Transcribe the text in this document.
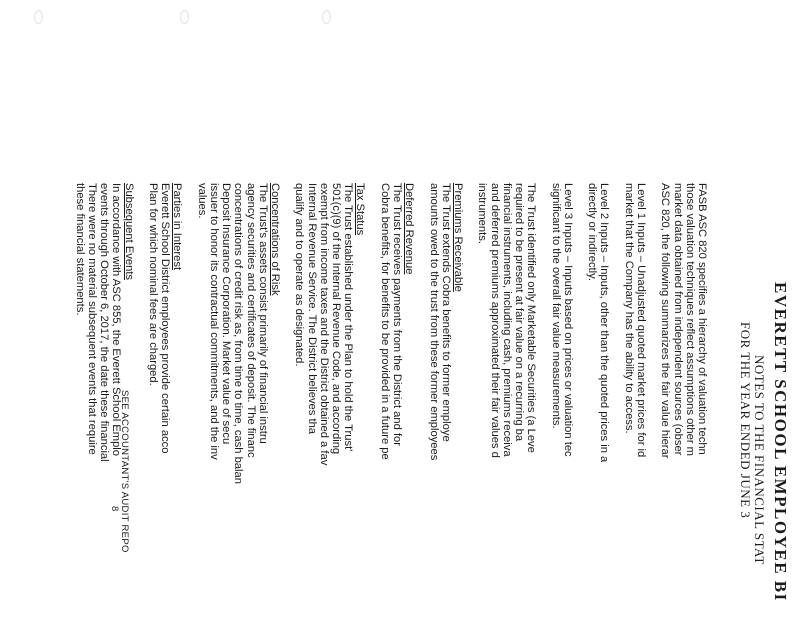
EVERETT SCHOOL EMPLOYEE BI
NOTES TO THE FINANCIAL STAT
FOR THE YEAR ENDED JUNE 3

FASB ASC 820 specifies a hierarchy of valuation techn
those valuation techniques reflect assumptions other m
market data obtained from independent sources (obser
ASC 820, the following summarizes the fair value hierar

Level 1 Inputs – Unadjusted quoted market prices for id
market that the Company has the ability to access.

Level 2 Inputs – Inputs, other than the quoted prices in a
directly or indirectly.

Level 3 Inputs – Inputs based on prices or valuation tec
significant to the overall fair value measurements.

The Trust identified only Marketable Securities (a Leve
required to be present at fair value on a recurring ba
financial instruments, including cash, premiums receiva
and deferred premiums approximated their fair values d
instruments.

Premiums Receivable
The Trust extends Cobra benefits to former employe
amounts owed to the trust from these former employees

Deferred Revenue
The Trust receives payments from the District and for
Cobra benefits, for benefits to be provided in a future pe

Tax Status
The Trust established under the Plan to hold the Trust'
501(c)(9) of the Internal Revenue Code, and according
exempt from income taxes and the District obtained a fav
Internal Revenue Service. The District believes tha
qualify and to operate as designated.

Concentrations of Risk
The Trust's assets consist primarily of financial instru
agency securities and certificates of deposit. The financ
concentrations of credit risk as, from time to time, cash balan
Deposit Insurance Corporation. Market value of secu
issuer to honor its contractual commitments, and the inv
values.

Parties in Interest
Everett School District employees provide certain acco
Plan for which nominal fees are charged.

Subsequent Events
In accordance with ASC 855, the Everett School Emplo
events through October 6, 2017, the date these financial
There were no material subsequent events that require
these financial statements.

SEE ACCOUNTANT'S AUDIT REPO
8
